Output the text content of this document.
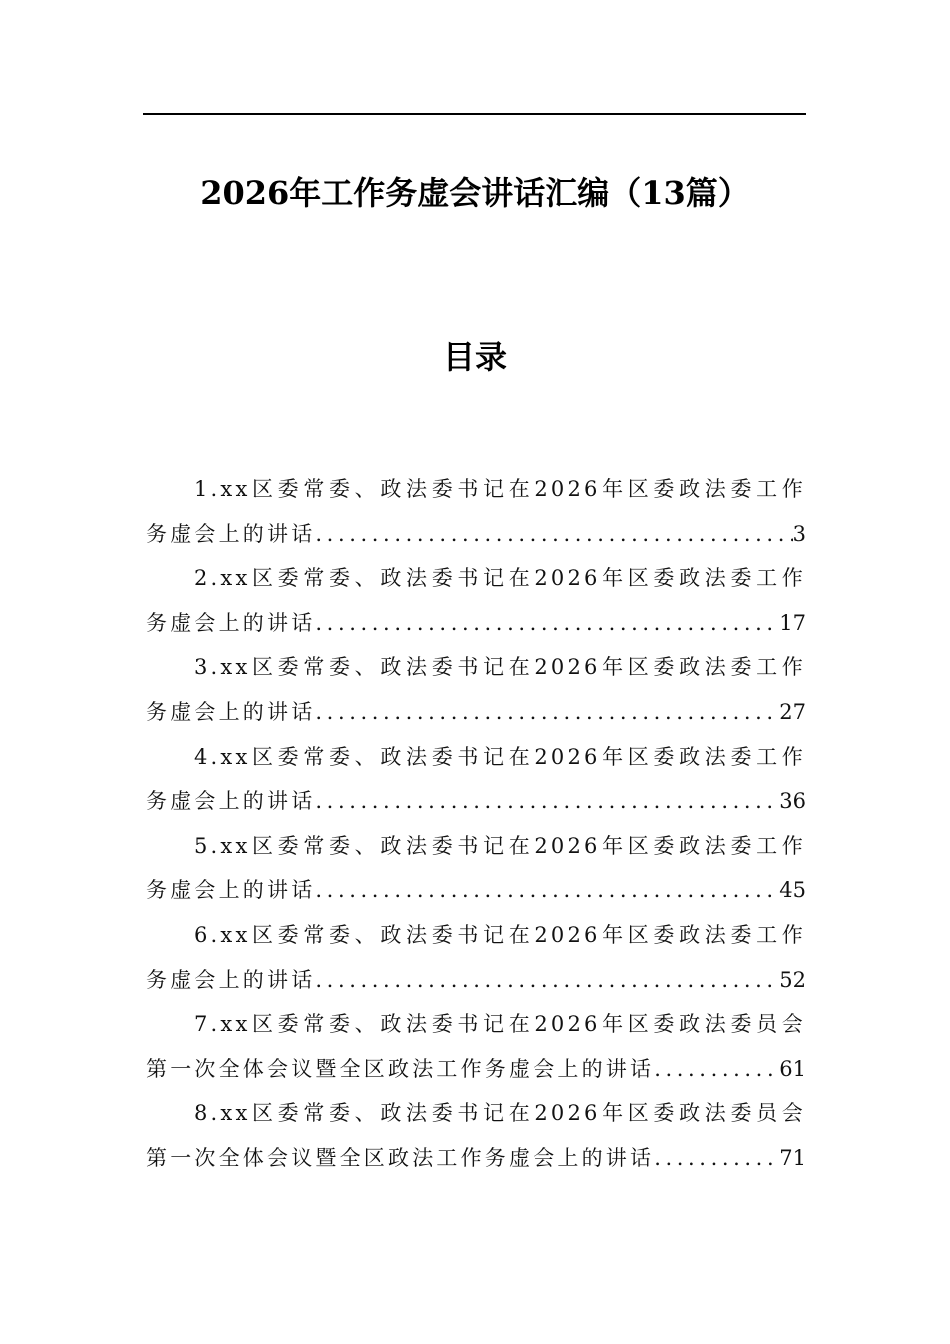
2026年工作务虚会讲话汇编（13篇）
目录
1.xx区委常委、政法委书记在2026年区委政法委工作
务虚会上的讲话 .....	3
2.xx区委常委、政法委书记在2026年区委政法委工作
务虚会上的讲话 .....	17
3.xx区委常委、政法委书记在2026年区委政法委工作
务虚会上的讲话 .....	27
4.xx区委常委、政法委书记在2026年区委政法委工作
务虚会上的讲话 .....	36
5.xx区委常委、政法委书记在2026年区委政法委工作
务虚会上的讲话 .....	45
6.xx区委常委、政法委书记在2026年区委政法委工作
务虚会上的讲话 .....	52
7.xx区委常委、政法委书记在2026年区委政法委员会
第一次全体会议暨全区政法工作务虚会上的讲话 .....	61
8.xx区委常委、政法委书记在2026年区委政法委员会
第一次全体会议暨全区政法工作务虚会上的讲话 .....	71
